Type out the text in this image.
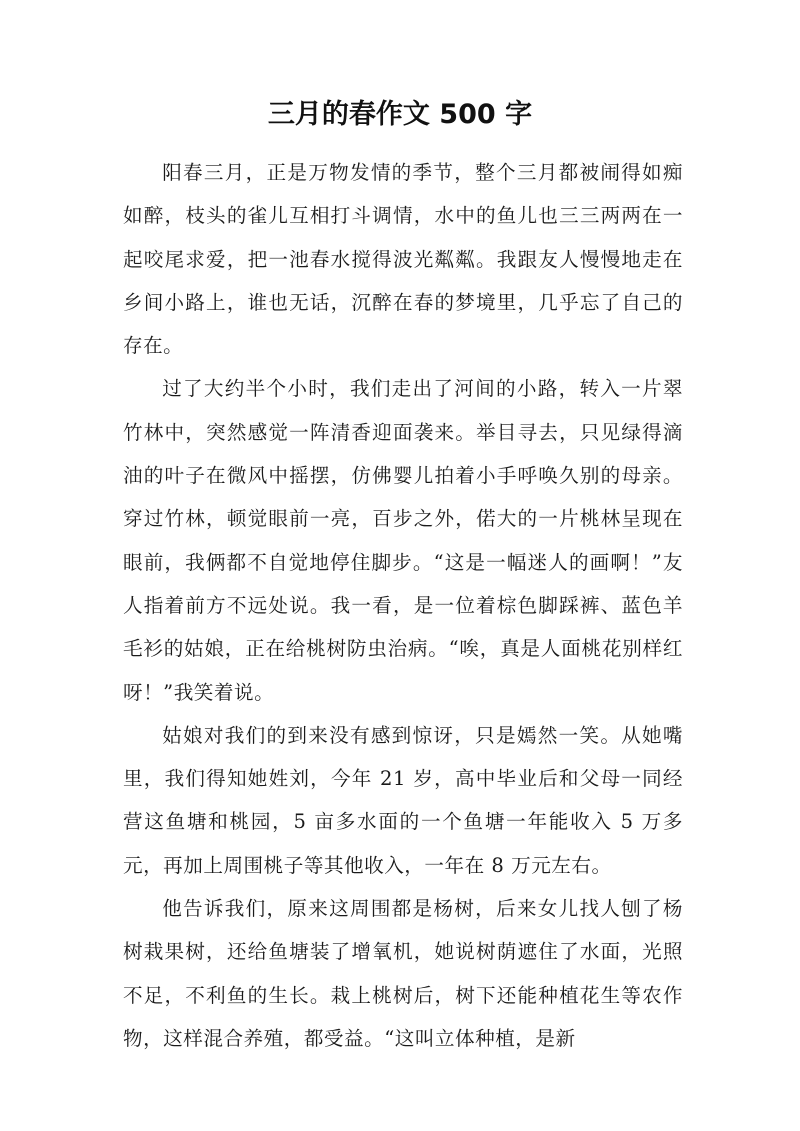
三月的春作文 500 字

阳春三月，正是万物发情的季节，整个三月都被闹得如痴如醉，枝头的雀儿互相打斗调情，水中的鱼儿也三三两两在一起咬尾求爱，把一池春水搅得波光粼粼。我跟友人慢慢地走在乡间小路上，谁也无话，沉醉在春的梦境里，几乎忘了自己的存在。

过了大约半个小时，我们走出了河间的小路，转入一片翠竹林中，突然感觉一阵清香迎面袭来。举目寻去，只见绿得滴油的叶子在微风中摇摆，仿佛婴儿拍着小手呼唤久别的母亲。穿过竹林，顿觉眼前一亮，百步之外，偌大的一片桃林呈现在眼前，我俩都不自觉地停住脚步。“这是一幅迷人的画啊！”友人指着前方不远处说。我一看，是一位着棕色脚踩裤、蓝色羊毛衫的姑娘，正在给桃树防虫治病。“唉，真是人面桃花别样红呀！”我笑着说。

姑娘对我们的到来没有感到惊讶，只是嫣然一笑。从她嘴里，我们得知她姓刘，今年 21 岁，高中毕业后和父母一同经营这鱼塘和桃园，5 亩多水面的一个鱼塘一年能收入 5 万多元，再加上周围桃子等其他收入，一年在 8 万元左右。

他告诉我们，原来这周围都是杨树，后来女儿找人刨了杨树栽果树，还给鱼塘装了增氧机，她说树荫遮住了水面，光照不足，不利鱼的生长。栽上桃树后，树下还能种植花生等农作物，这样混合养殖，都受益。“这叫立体种植，是新
